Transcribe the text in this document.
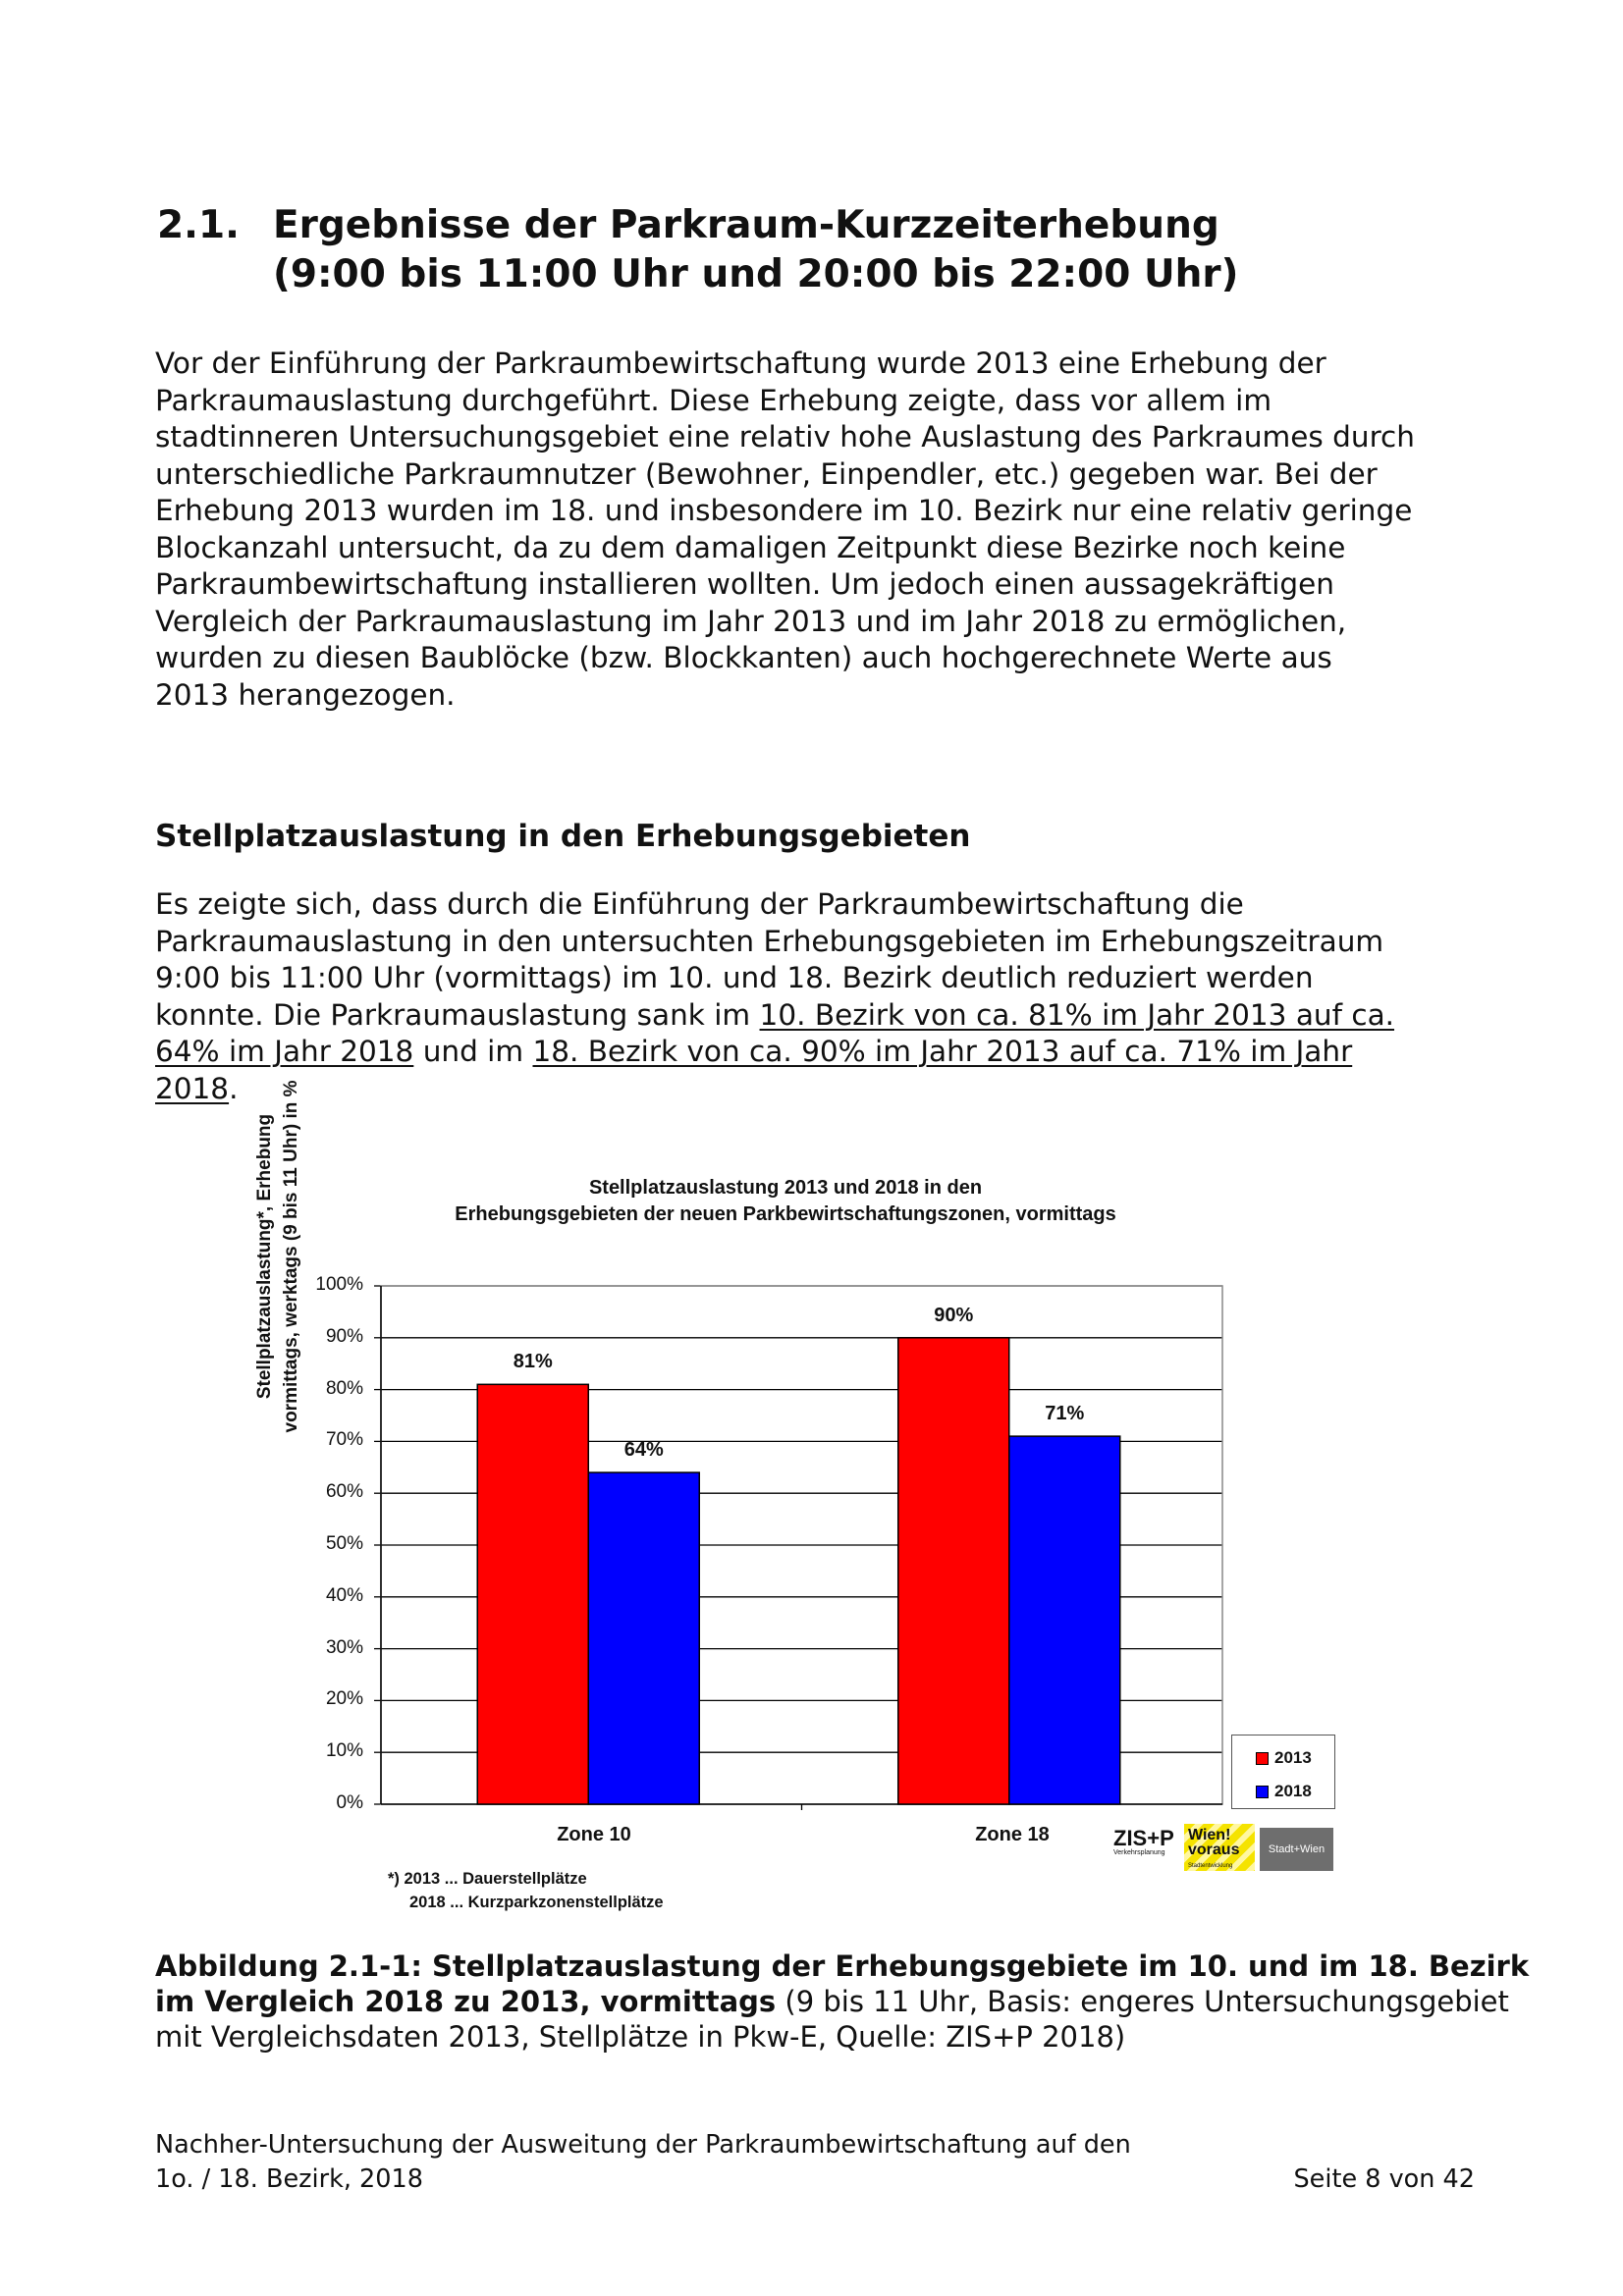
2.1. Ergebnisse der Parkraum-Kurzzeiterhebung
(9:00 bis 11:00 Uhr und 20:00 bis 22:00 Uhr)
Vor der Einführung der Parkraumbewirtschaftung wurde 2013 eine Erhebung der
Parkraumauslastung durchgeführt. Diese Erhebung zeigte, dass vor allem im
stadtinneren Untersuchungsgebiet eine relativ hohe Auslastung des Parkraumes durch
unterschiedliche Parkraumnutzer (Bewohner, Einpendler, etc.) gegeben war. Bei der
Erhebung 2013 wurden im 18. und insbesondere im 10. Bezirk nur eine relativ geringe
Blockanzahl untersucht, da zu dem damaligen Zeitpunkt diese Bezirke noch keine
Parkraumbewirtschaftung installieren wollten. Um jedoch einen aussagekräftigen
Vergleich der Parkraumauslastung im Jahr 2013 und im Jahr 2018 zu ermöglichen,
wurden zu diesen Baublöcke (bzw. Blockkanten) auch hochgerechnete Werte aus
2013 herangezogen.
Stellplatzauslastung in den Erhebungsgebieten
Es zeigte sich, dass durch die Einführung der Parkraumbewirtschaftung die
Parkraumauslastung in den untersuchten Erhebungsgebieten im Erhebungszeitraum
9:00 bis 11:00 Uhr (vormittags) im 10. und 18. Bezirk deutlich reduziert werden
konnte. Die Parkraumauslastung sank im 10. Bezirk von ca. 81% im Jahr 2013 auf ca.
64% im Jahr 2018 und im 18. Bezirk von ca. 90% im Jahr 2013 auf ca. 71% im Jahr
2018.
Stellplatzauslastung 2013 und 2018 in den
Erhebungsgebieten der neuen Parkbewirtschaftungszonen, vormittags
Stellplatzauslastung*, Erhebung vormittags, werktags (9 bis 11 Uhr) in %
0%
10%
20%
30%
40%
50%
60%
70%
80%
90%
100%
81%
64%
90%
71%
Zone 10	Zone 18
2013
2018
*) 2013 ... Dauerstellplätze
2018 ... Kurzparkzonenstellplätze
ZIS+P
Verkehrsplanung
Wien!
voraus
Stadtentwicklung
Stadt+Wien
Abbildung 2.1-1: Stellplatzauslastung der Erhebungsgebiete im 10. und im 18. Bezirk
im Vergleich 2018 zu 2013, vormittags (9 bis 11 Uhr, Basis: engeres Untersuchungsgebiet
mit Vergleichsdaten 2013, Stellplätze in Pkw-E, Quelle: ZIS+P 2018)
Nachher-Untersuchung der Ausweitung der Parkraumbewirtschaftung auf den
1o. / 18. Bezirk, 2018	Seite 8 von 42
